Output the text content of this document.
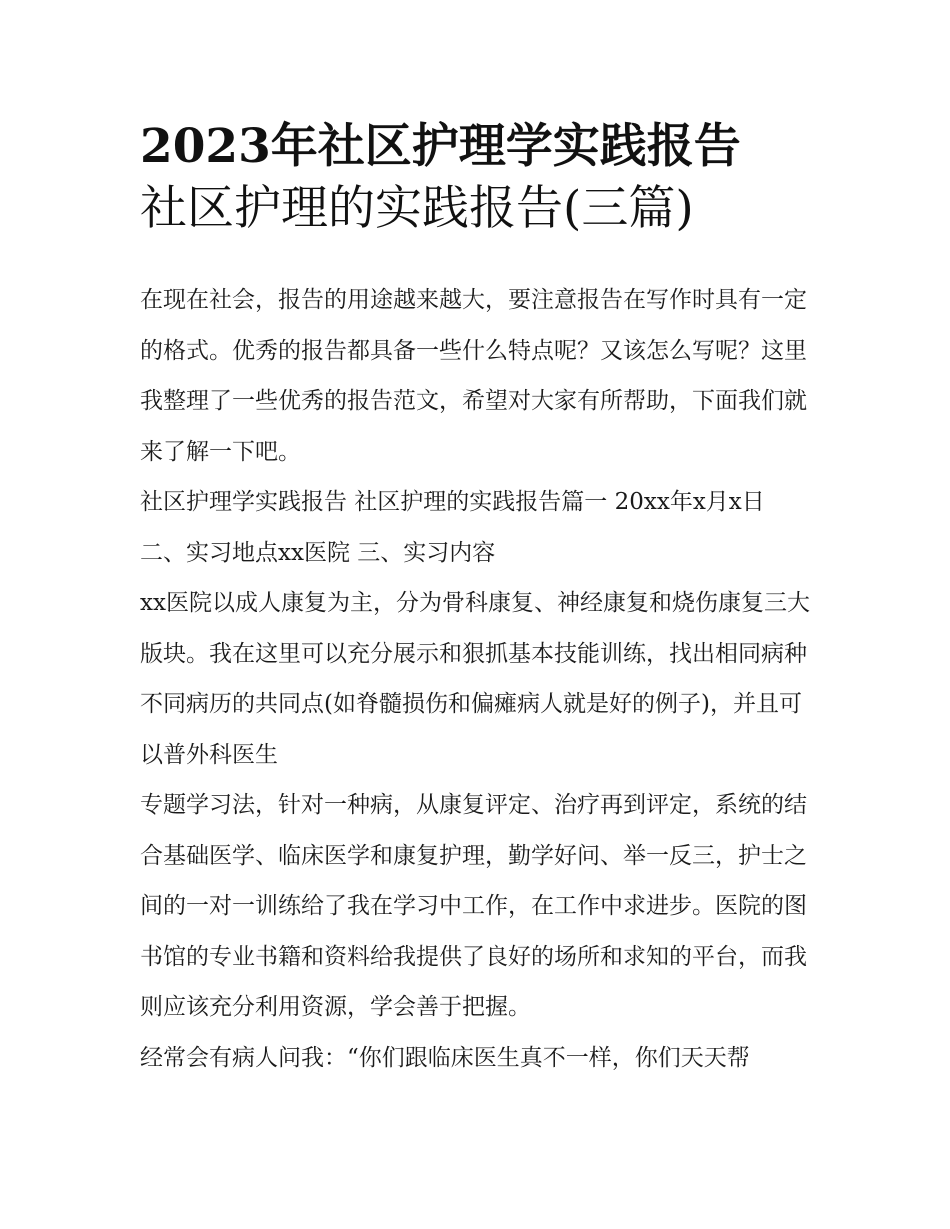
2023年社区护理学实践报告
社区护理的实践报告(三篇)

在现在社会，报告的用途越来越大，要注意报告在写作时具有一定的格式。优秀的报告都具备一些什么特点呢？又该怎么写呢？这里我整理了一些优秀的报告范文，希望对大家有所帮助，下面我们就来了解一下吧。

社区护理学实践报告 社区护理的实践报告篇一 20xx年x月x日 二、实习地点xx医院 三、实习内容

xx医院以成人康复为主，分为骨科康复、神经康复和烧伤康复三大版块。我在这里可以充分展示和狠抓基本技能训练，找出相同病种不同病历的共同点(如脊髓损伤和偏瘫病人就是好的例子)，并且可以普外科医生

专题学习法，针对一种病，从康复评定、治疗再到评定，系统的结合基础医学、临床医学和康复护理，勤学好问、举一反三，护士之间的一对一训练给了我在学习中工作，在工作中求进步。医院的图书馆的专业书籍和资料给我提供了良好的场所和求知的平台，而我则应该充分利用资源，学会善于把握。

经常会有病人问我：“你们跟临床医生真不一样，你们天天帮
